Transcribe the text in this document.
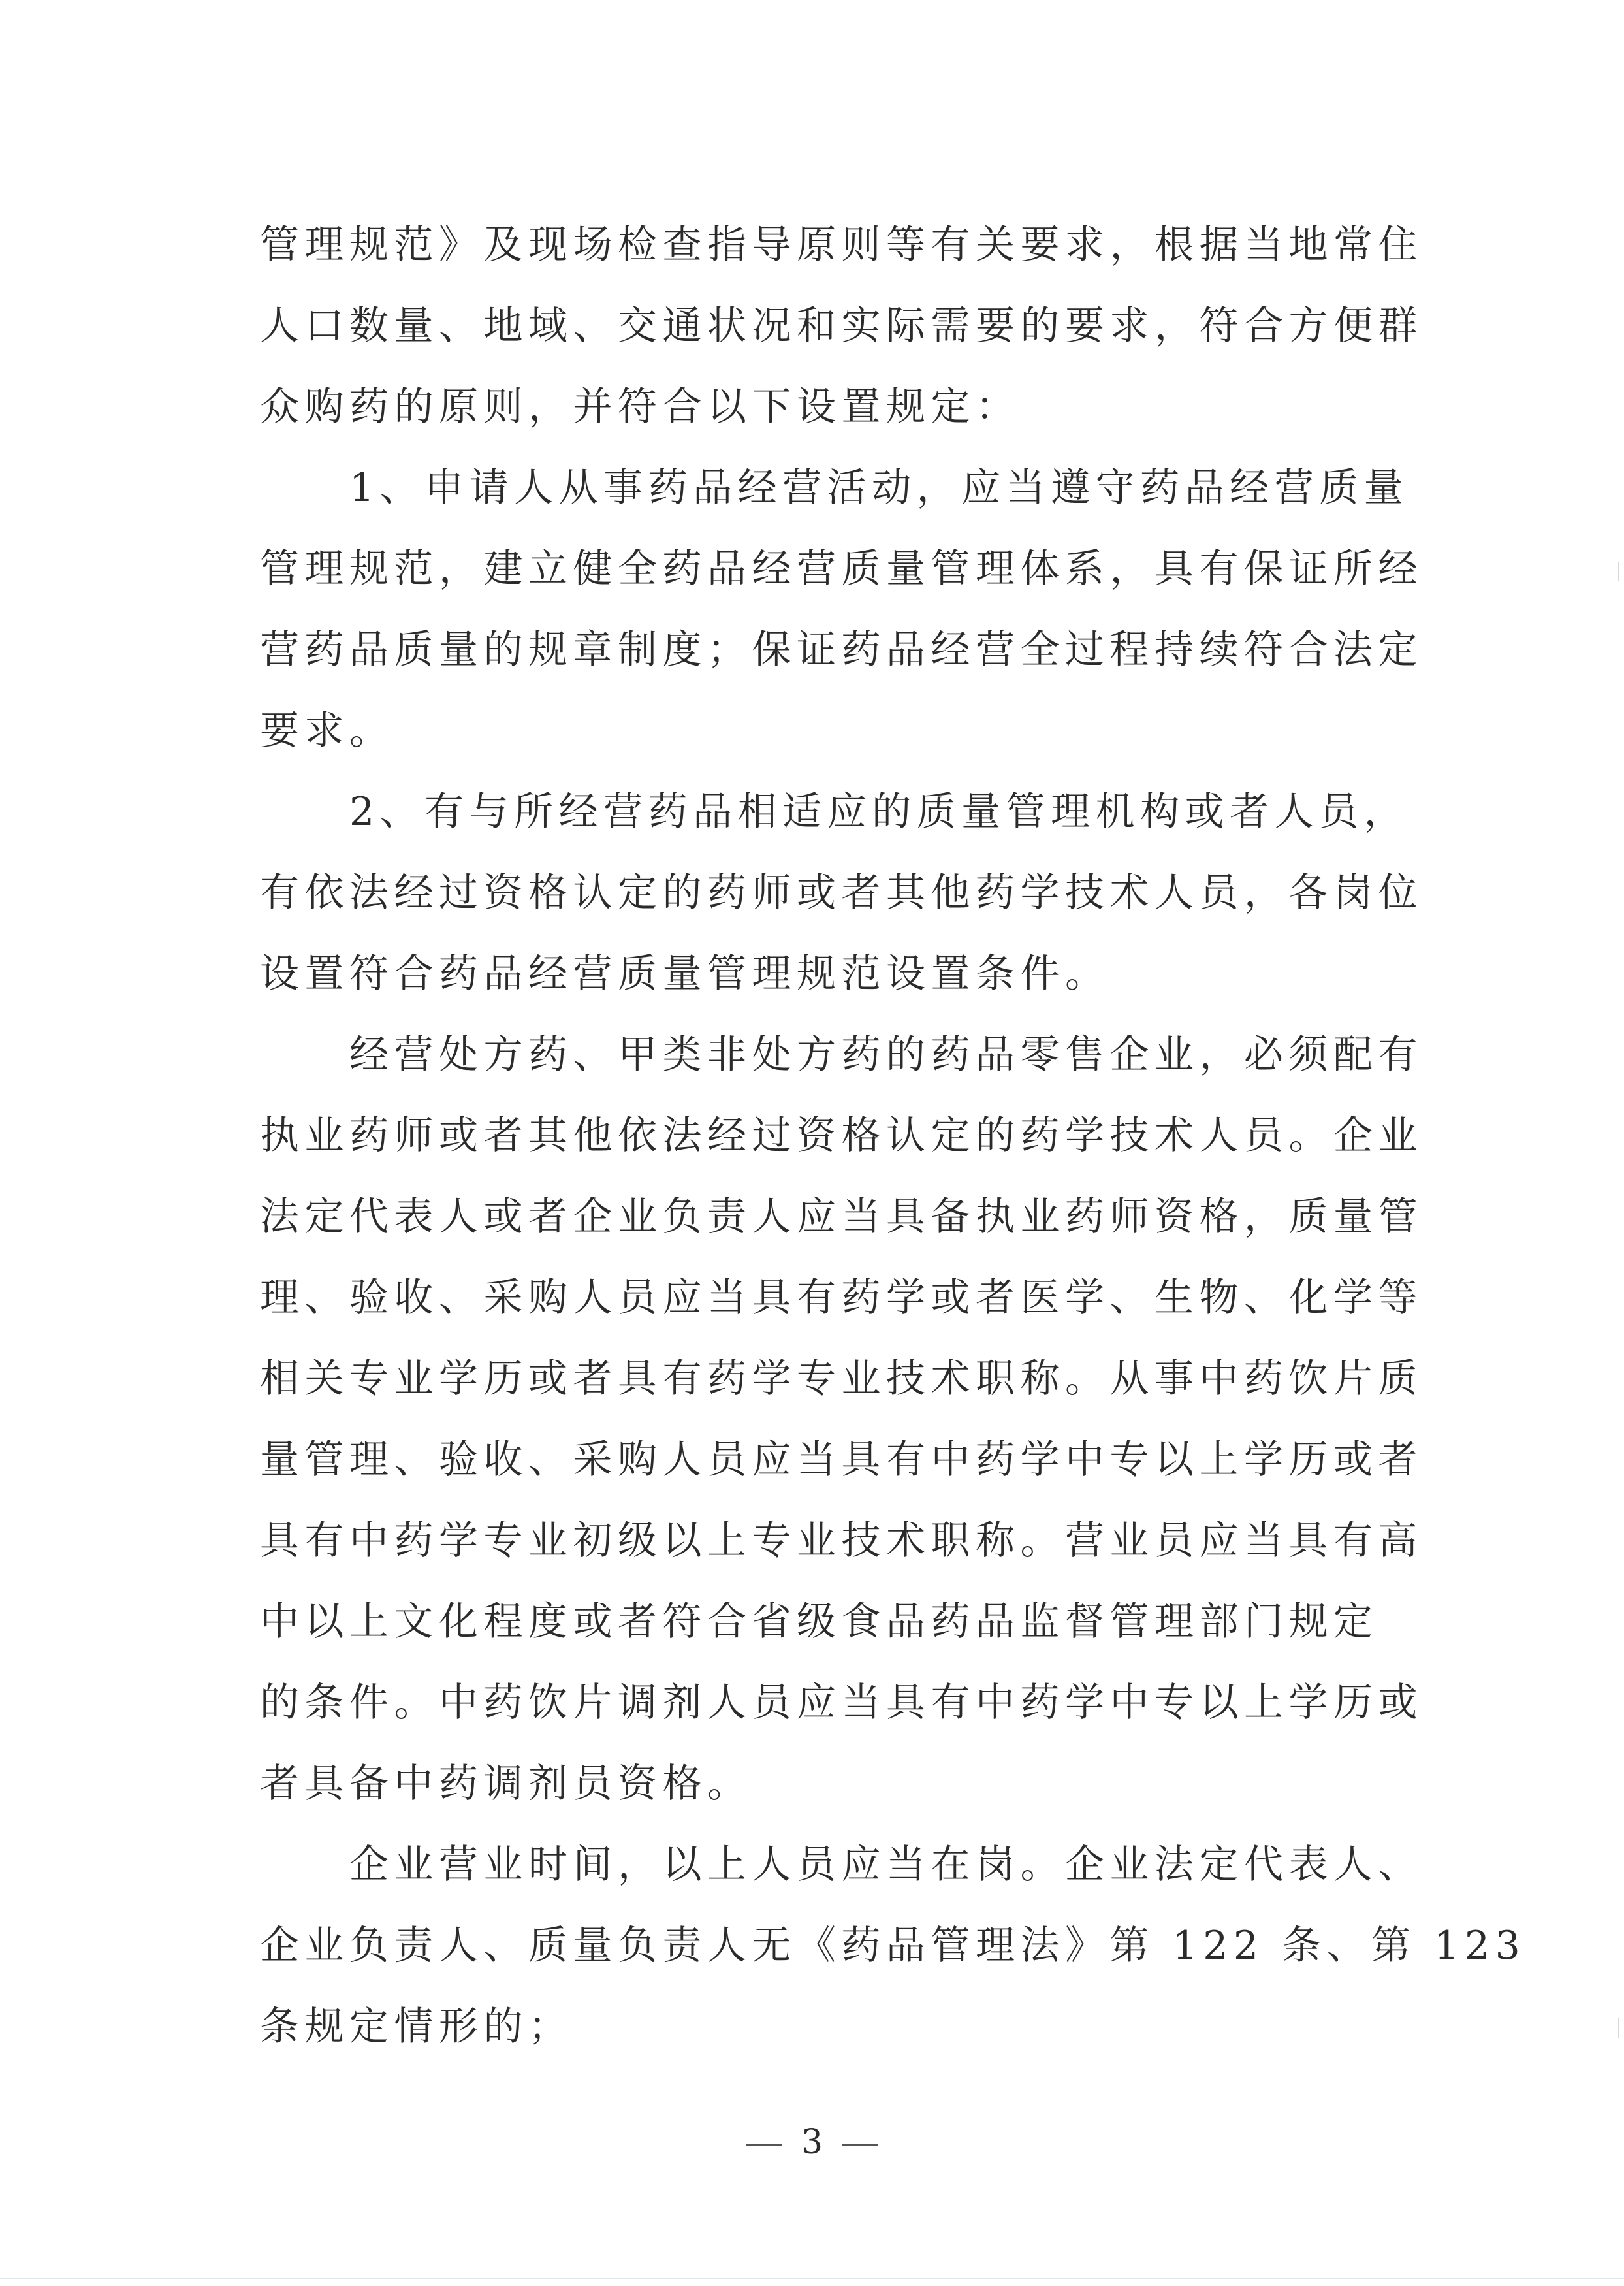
管理规范》及现场检查指导原则等有关要求，根据当地常住
人口数量、地域、交通状况和实际需要的要求，符合方便群
众购药的原则，并符合以下设置规定：
1、申请人从事药品经营活动，应当遵守药品经营质量
管理规范，建立健全药品经营质量管理体系，具有保证所经
营药品质量的规章制度；保证药品经营全过程持续符合法定
要求。
2、有与所经营药品相适应的质量管理机构或者人员，
有依法经过资格认定的药师或者其他药学技术人员，各岗位
设置符合药品经营质量管理规范设置条件。
经营处方药、甲类非处方药的药品零售企业，必须配有
执业药师或者其他依法经过资格认定的药学技术人员。企业
法定代表人或者企业负责人应当具备执业药师资格，质量管
理、验收、采购人员应当具有药学或者医学、生物、化学等
相关专业学历或者具有药学专业技术职称。从事中药饮片质
量管理、验收、采购人员应当具有中药学中专以上学历或者
具有中药学专业初级以上专业技术职称。营业员应当具有高
中以上文化程度或者符合省级食品药品监督管理部门规定
的条件。中药饮片调剂人员应当具有中药学中专以上学历或
者具备中药调剂员资格。
企业营业时间，以上人员应当在岗。企业法定代表人、
企业负责人、质量负责人无《药品管理法》第 122 条、第 123
条规定情形的；
3
